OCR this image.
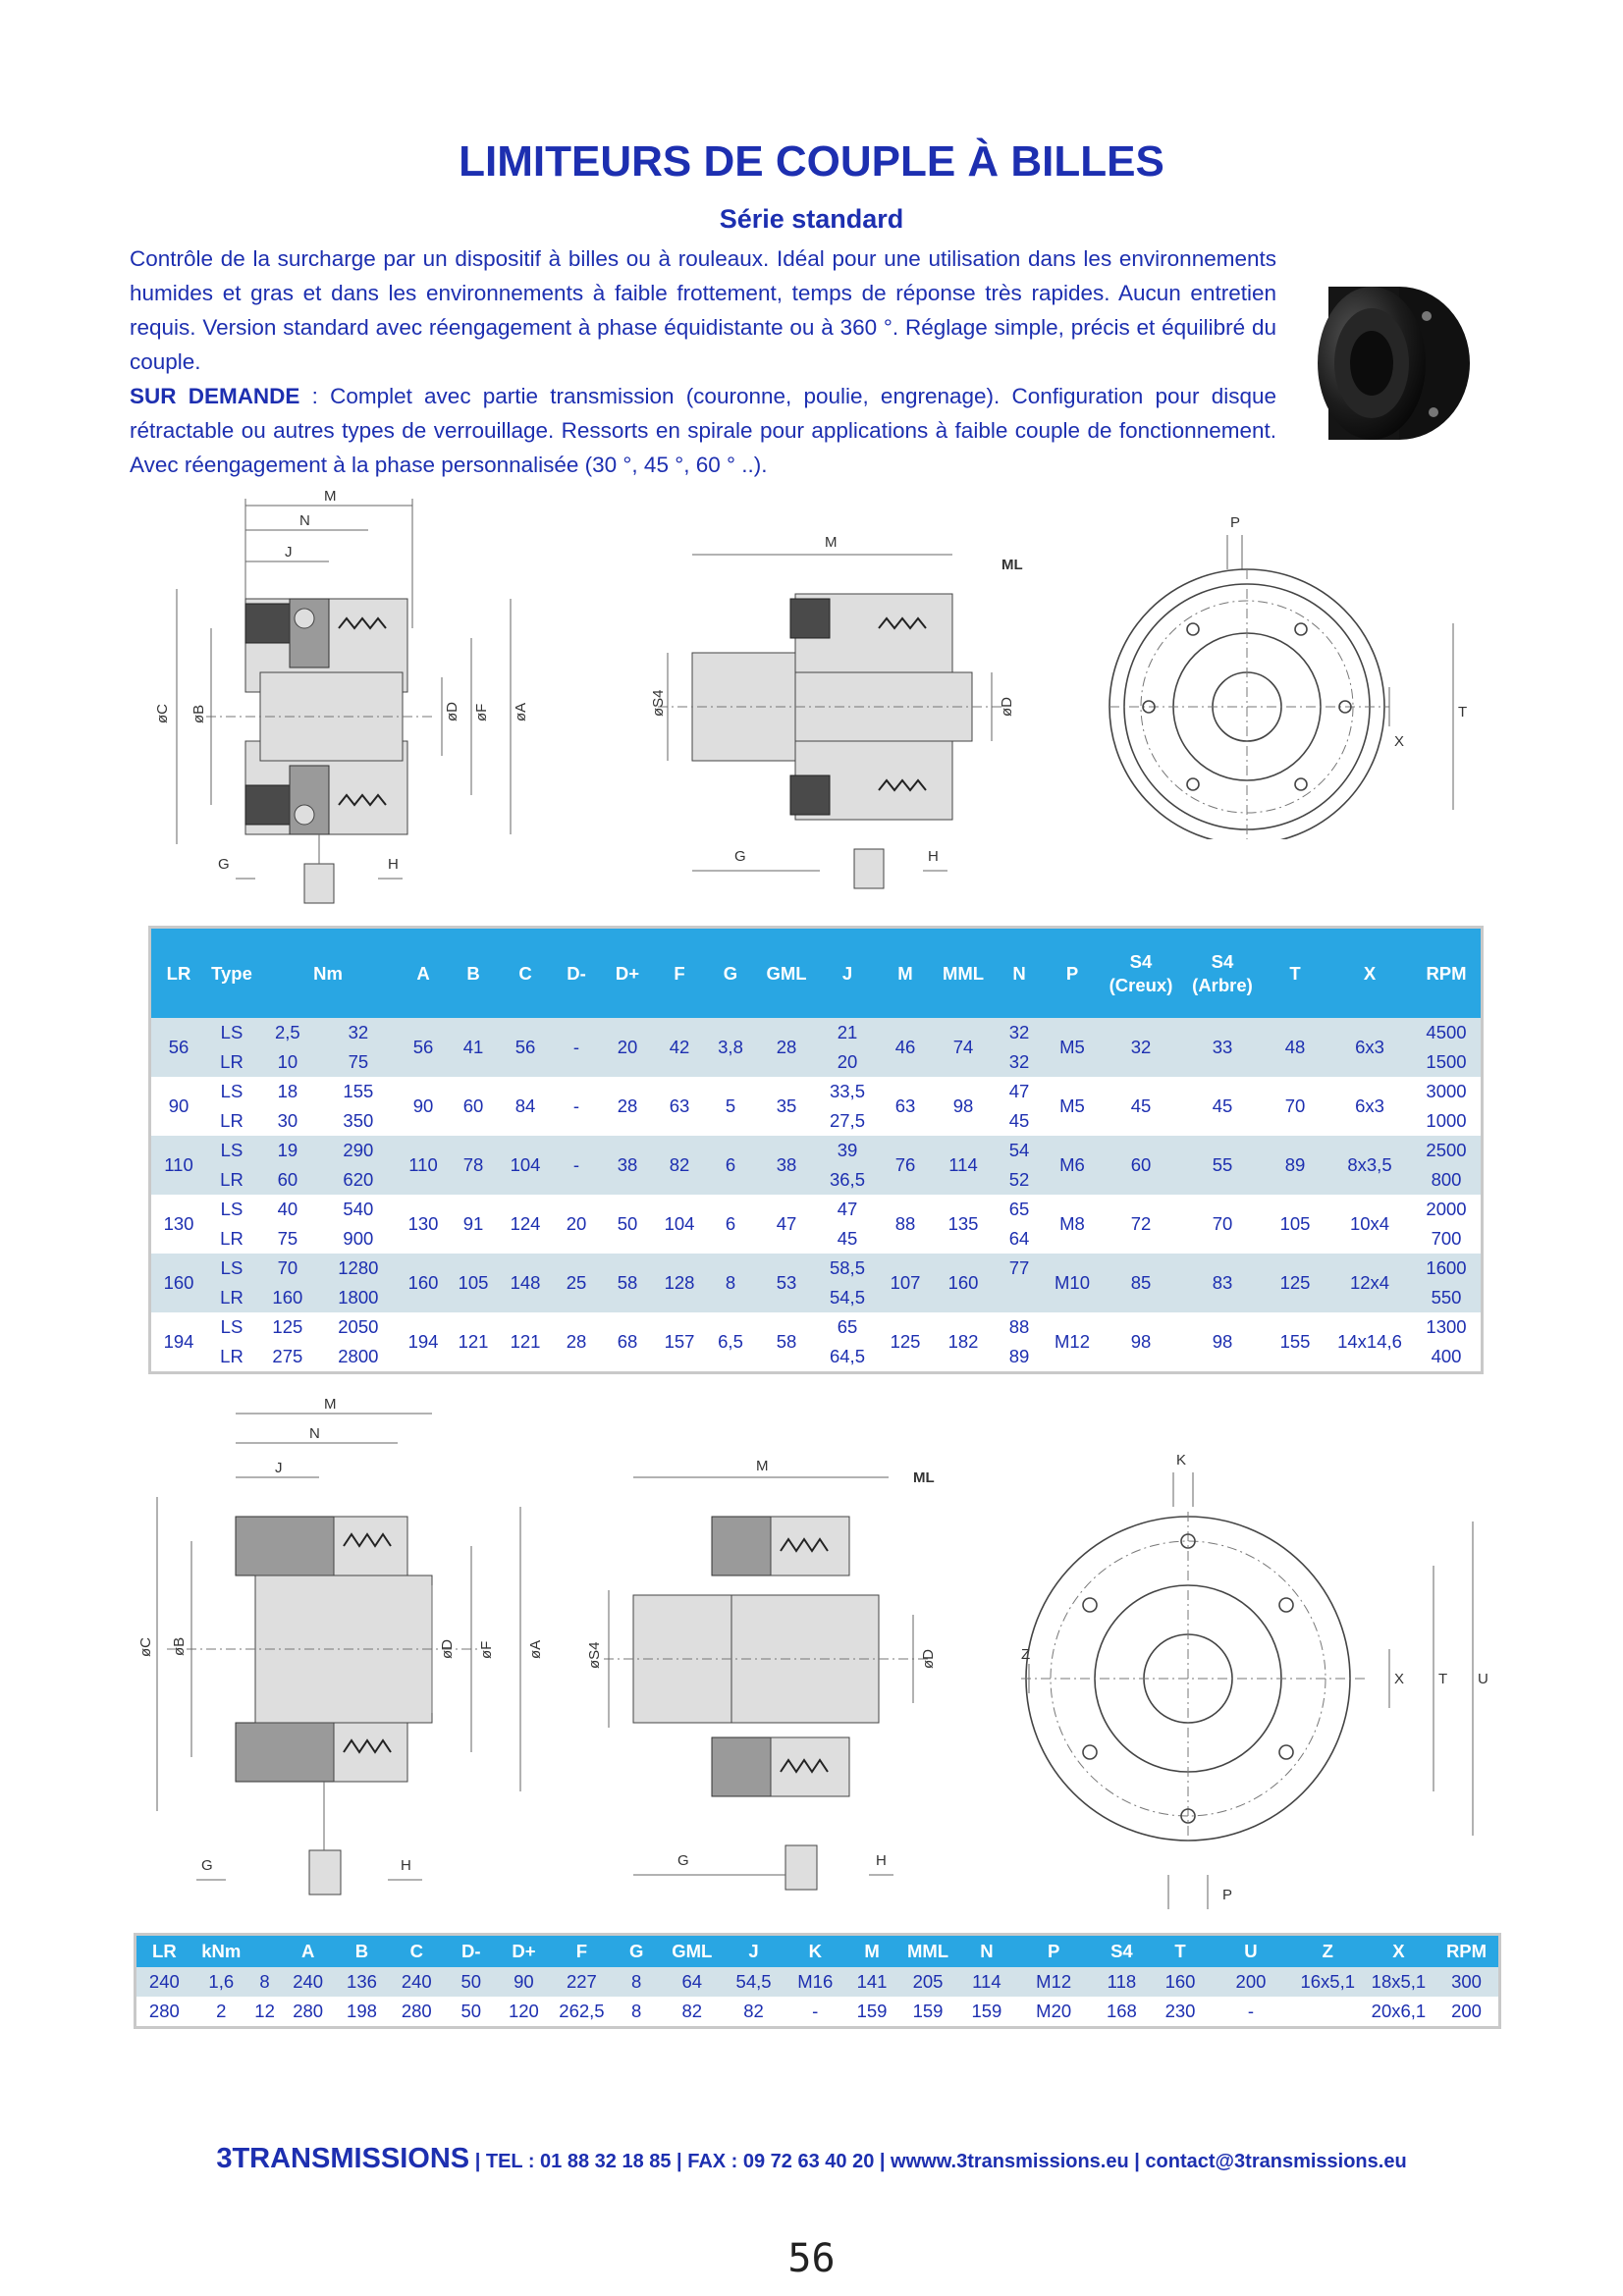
LIMITEURS DE COUPLE À BILLES
Série standard

Contrôle de la surcharge par un dispositif à billes ou à rouleaux. Idéal pour une utilisation dans les environnements humides et gras et dans les environnements à faible frottement, temps de réponse très rapides. Aucun entretien requis. Version standard avec réengagement à phase équidistante ou à 360 °. Réglage simple, précis et équilibré du couple.

SUR DEMANDE : Complet avec partie transmission (couronne, poulie, engrenage). Configuration pour disque rétractable ou autres types de verrouillage. Ressorts en spirale pour applications à faible couple de fonctionnement. Avec réengagement à la phase personnalisée (30 °, 45 °, 60 ° ..).

M
N
J
øC øB	øD øF øA
G	H
M
ML
øS4	øD
G	H
P
T
X
LR	Type	Nm		A	B	C	D-	D+	F	G	GML	J	M	MML	N	P	S4
(Creux)	S4
(Arbre)	T	X	RPM
56	LS	2,5	32	56	41	56	-	20	42	3,8	28	21	46	74	32	M5	32	33	48	6x3	4500
	LR	10	75									20			32						1500
90	LS	18	155	90	60	84	-	28	63	5	35	33,5	63	98	47	M5	45	45	70	6x3	3000
	LR	30	350									27,5			45						1000
110	LS	19	290	110	78	104	-	38	82	6	38	39	76	114	54	M6	60	55	89	8x3,5	2500
	LR	60	620									36,5			52						800
130	LS	40	540	130	91	124	20	50	104	6	47	47	88	135	65	M8	72	70	105	10x4	2000
	LR	75	900									45			64						700
160	LS	70	1280	160	105	148	25	58	128	8	53	58,5	107	160	77	M10	85	83	125	12x4	1600
	LR	160	1800									54,5									550
194	LS	125	2050	194	121	121	28	68	157	6,5	58	65	125	182	88	M12	98	98	155	14x14,6	1300
	LR	275	2800									64,5			89						400
M
N
J
øC øB	øD øF øA
G	H
M
ML
øS4	øD
G	H
K
Z
X T U
P
LR	kNm		A	B	C	D-	D+	F	G	GML	J	K	M	MML	N	P	S4	T	U	Z	X	RPM
240	1,6	8	240	136	240	50	90	227	8	64	54,5	M16	141	205	114	M12	118	160	200	16x5,1	18x5,1	300
280	2	12	280	198	280	50	120	262,5	8	82	82	-	159	159	159	M20	168	230	-		20x6,1	200
3TRANSMISSIONS | TEL : 01 88 32 18 85 | FAX : 09 72 63 40 20 | wwww.3transmissions.eu | contact@3transmissions.eu
56
